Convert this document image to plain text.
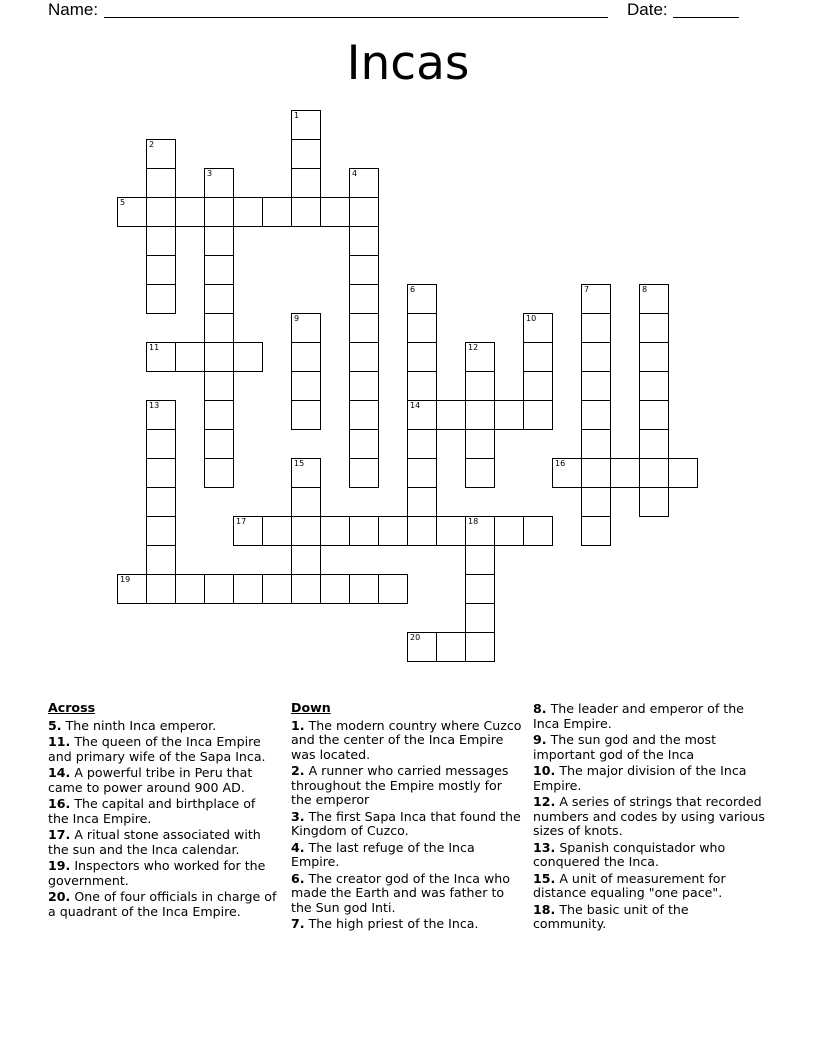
Name:	Date:
Incas
5
11
14
16
17	18
19
20
1
2
3	4
6	7	8
9	10
12
13
15
Across
5. The ninth Inca emperor.
11. The queen of the Inca Empire and primary wife of the Sapa Inca.
14. A powerful tribe in Peru that came to power around 900 AD.
16. The capital and birthplace of the Inca Empire.
17. A ritual stone associated with the sun and the Inca calendar.
19. Inspectors who worked for the government.
20. One of four officials in charge of a quadrant of the Inca Empire.
Down
1. The modern country where Cuzco and the center of the Inca Empire was located.
2. A runner who carried messages throughout the Empire mostly for the emperor
3. The first Sapa Inca that found the Kingdom of Cuzco.
4. The last refuge of the Inca Empire.
6. The creator god of the Inca who made the Earth and was father to the Sun god Inti.
7. The high priest of the Inca.
8. The leader and emperor of the Inca Empire.
9. The sun god and the most important god of the Inca
10. The major division of the Inca Empire.
12. A series of strings that recorded numbers and codes by using various sizes of knots.
13. Spanish conquistador who conquered the Inca.
15. A unit of measurement for distance equaling "one pace".
18. The basic unit of the community.
